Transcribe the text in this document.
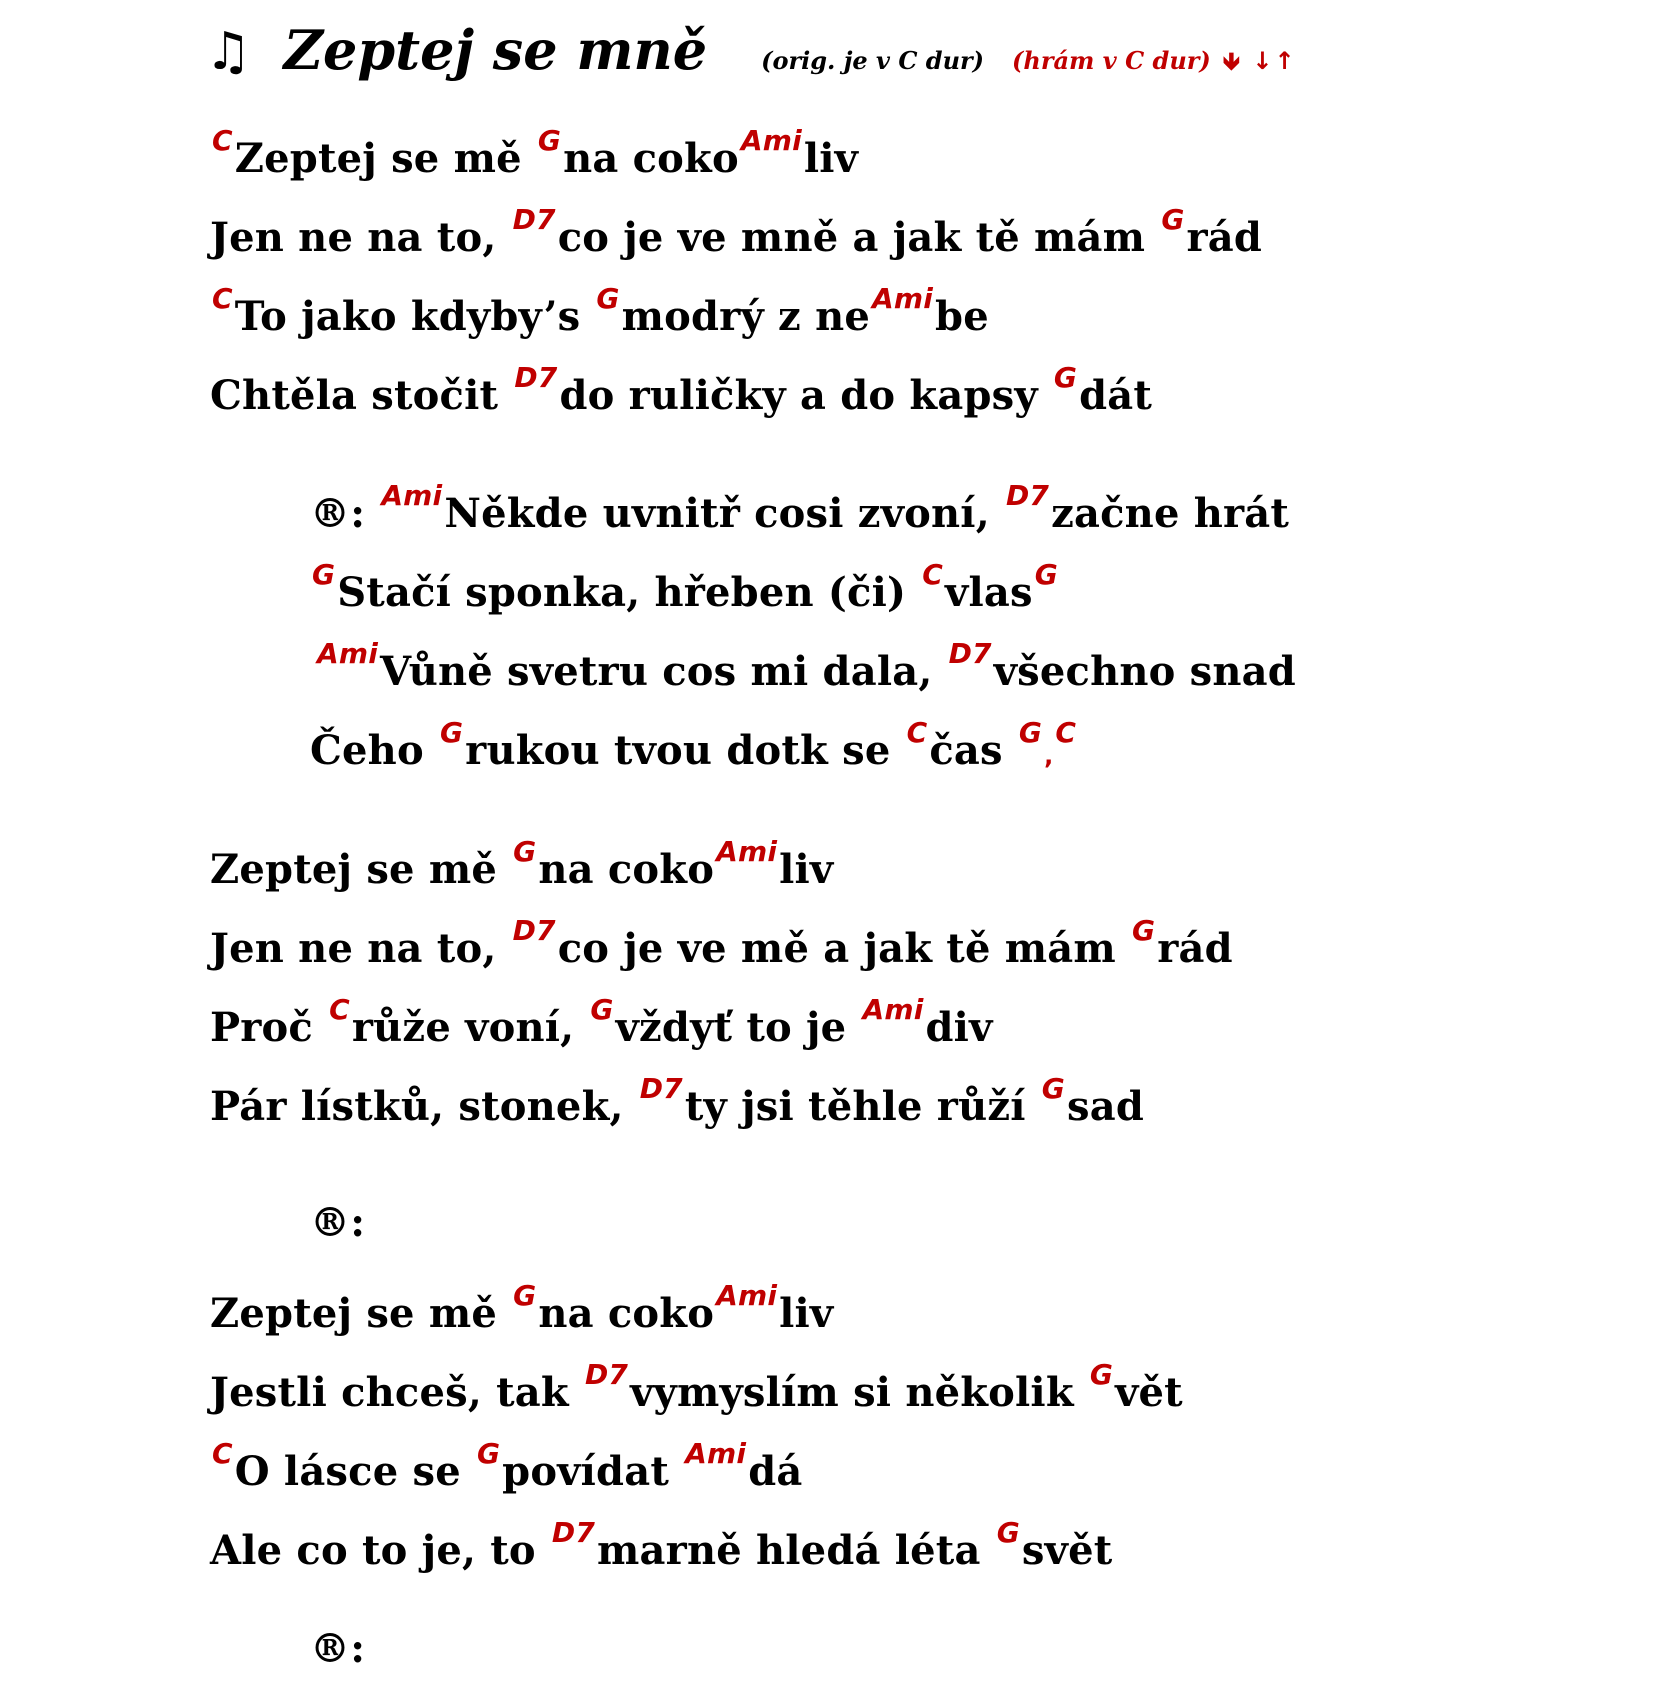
♫ Zeptej se mně (orig. je v C dur) (hrám v C dur) 🡻 ↓↑
$^C$Zeptej se mě $^G$na coko$^{Ami}$liv
Jen ne na to, $^{D7}$co je ve mně a jak tě mám $^G$rád
$^C$To jako kdyby’s $^G$modrý z $ne^{Ami}be$
Chtěla stočit $^{D7}$do ruličky a do kapsy $^G$dát
®: $^{Ami}$Někde uvnitř cosi zvoní, $^{D7}$začne hrát
$^G$Stačí sponka, hřeben (či) $^C$vlas$^G$
$^{Ami}$Vůně svetru cos mi dala, $^{D7}$všechno snad
Čeho $^G$rukou tvou dotk se $^C$čas $^G$,$^C$
Zeptej se mě $^G$na coko$^{Ami}$liv
Jen ne na to, $^{D7}$co je ve mě a jak tě mám $^G$rád
Proč $^C$růže voní, $^G$vždyť to je $^{Ami}$div
Pár lístků, stonek, $^{D7}$ty jsi těhle růží $^G$sad
®:
Zeptej se mě $^G$na coko$^{Ami}$liv
Jestli chceš, tak $^{D7}$vymyslím si několik $^G$vět
$^C$O lásce se $^G$povídat $^{Ami}$dá
Ale co to je, to $^{D7}$marně hledá léta $^G$svět
®:
